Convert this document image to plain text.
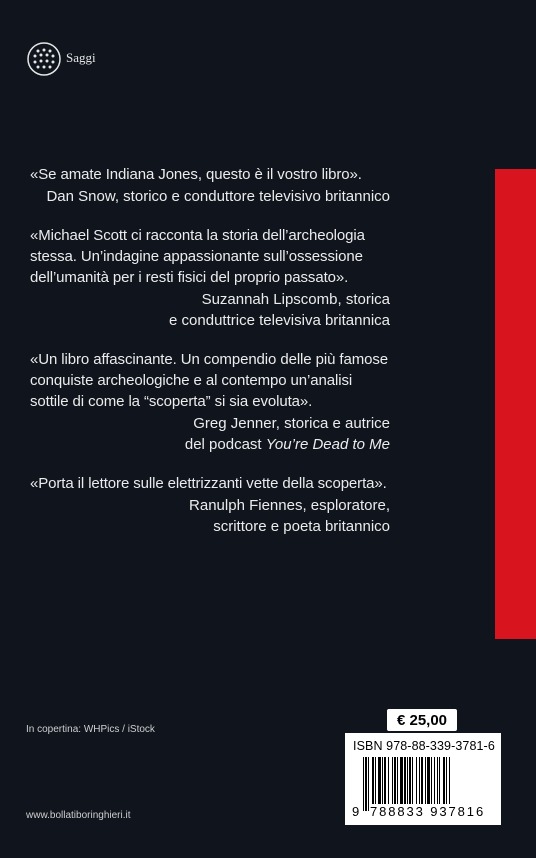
Saggi
«Se amate Indiana Jones, questo è il vostro libro».
Dan Snow, storico e conduttore televisivo britannico
«Michael Scott ci racconta la storia dell’archeologia stessa. Un’indagine appassionante sull’ossessione dell’umanità per i resti fisici del proprio passato».
Suzannah Lipscomb, storica
e conduttrice televisiva britannica
«Un libro affascinante. Un compendio delle più famose conquiste archeologiche e al contempo un’analisi sottile di come la “scoperta” si sia evoluta».
Greg Jenner, storica e autrice
del podcast You’re Dead to Me
«Porta il lettore sulle elettrizzanti vette della scoperta».
Ranulph Fiennes, esploratore,
scrittore e poeta britannico
In copertina: WHPics / iStock
www.bollatiboringhieri.it
€ 25,00
ISBN 978-88-339-3781-6
9 788833 937816
